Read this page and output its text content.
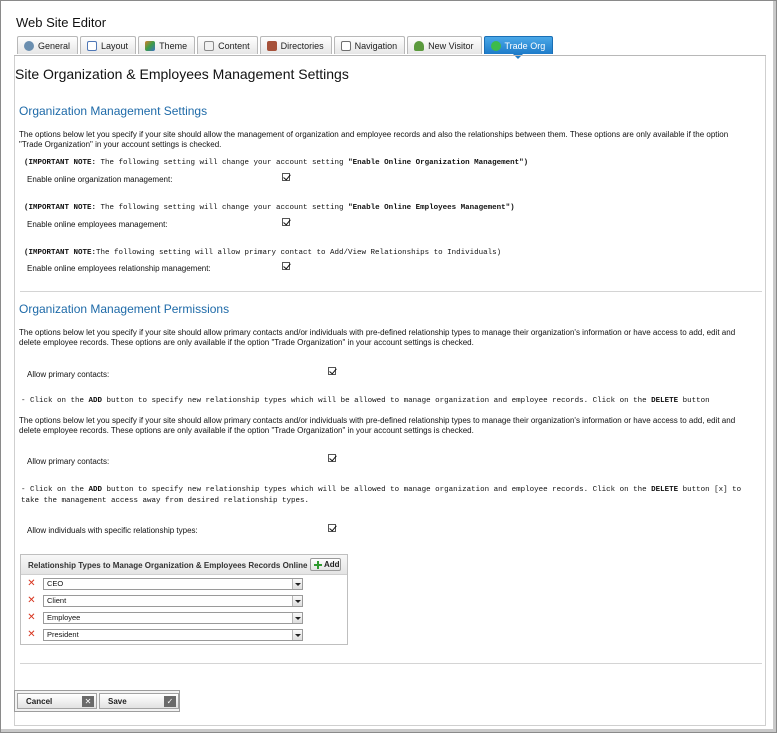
Web Site Editor
General	Layout	Theme	Content	Directories	Navigation	New Visitor	Trade Org
Site Organization & Employees Management Settings
Organization Management Settings
The options below let you specify if your site should allow the management of organization and employee records and also the relationships between them. These options are only available if the option "Trade Organization" in your account settings is checked.
(IMPORTANT NOTE: The following setting will change your account setting "Enable Online Organization Management")
Enable online organization management:
(IMPORTANT NOTE: The following setting will change your account setting "Enable Online Employees Management")
Enable online employees management:
(IMPORTANT NOTE:The following setting will allow primary contact to Add/View Relationships to Individuals)
Enable online employees relationship management:
Organization Management Permissions
The options below let you specify if your site should allow primary contacts and/or individuals with pre-defined relationship types to manage their organization's information or have access to add, edit and delete employee records. These options are only available if the option "Trade Organization" in your account settings is checked.
Allow primary contacts:
- Click on the ADD button to specify new relationship types which will be allowed to manage organization and employee records. Click on the DELETE button
The options below let you specify if your site should allow primary contacts and/or individuals with pre-defined relationship types to manage their organization's information or have access to add, edit and delete employee records. These options are only available if the option "Trade Organization" in your account settings is checked.
Allow primary contacts:
- Click on the ADD button to specify new relationship types which will be allowed to manage organization and employee records. Click on the DELETE button [x] to take the management access away from desired relationship types.
Allow individuals with specific relationship types:
Relationship Types to Manage Organization & Employees Records Online Add
✕	CEO
✕	Client
✕	Employee
✕	President
Cancel	✕	Save	✓
